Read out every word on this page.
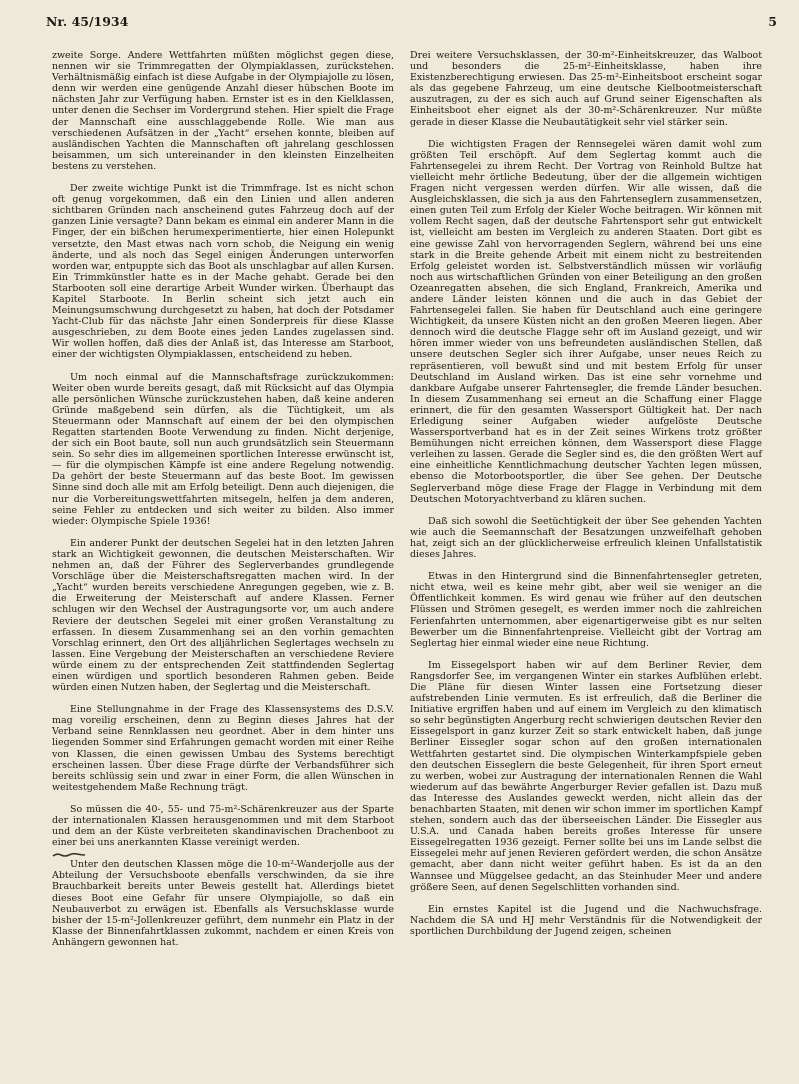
Nr. 45/1934	5

zweite Sorge. Andere Wettfahrten müßten möglichst gegen diese, nennen wir sie Trimmregatten der Olympiaklassen, zurückstehen. Verhältnismäßig einfach ist diese Aufgabe in der Olympiajolle zu lösen, denn wir werden eine genügende Anzahl dieser hübschen Boote im nächsten Jahr zur Verfügung haben. Ernster ist es in den Kielklassen, unter denen die Sechser im Vordergrund stehen. Hier spielt die Frage der Mannschaft eine ausschlaggebende Rolle. Wie man aus verschiedenen Aufsätzen in der „Yacht“ ersehen konnte, bleiben auf ausländischen Yachten die Mannschaften oft jahrelang geschlossen beisammen, um sich untereinander in den kleinsten Einzelheiten bestens zu verstehen.

Der zweite wichtige Punkt ist die Trimmfrage. Ist es nicht schon oft genug vorgekommen, daß ein den Linien und allen anderen sichtbaren Gründen nach anscheinend gutes Fahrzeug doch auf der ganzen Linie versagte? Dann bekam es einmal ein anderer Mann in die Finger, der ein bißchen herumexperimentierte, hier einen Holepunkt versetzte, den Mast etwas nach vorn schob, die Neigung ein wenig änderte, und als noch das Segel einigen Änderungen unterworfen worden war, entpuppte sich das Boot als unschlagbar auf allen Kursen. Ein Trimmkünstler hatte es in der Mache gehabt. Gerade bei den Starbooten soll eine derartige Arbeit Wunder wirken. Überhaupt das Kapitel Starboote. In Berlin scheint sich jetzt auch ein Meinungsumschwung durchgesetzt zu haben, hat doch der Potsdamer Yacht-Club für das nächste Jahr einen Sonderpreis für diese Klasse ausgeschrieben, zu dem Boote eines jeden Landes zugelassen sind. Wir wollen hoffen, daß dies der Anlaß ist, das Interesse am Starboot, einer der wichtigsten Olympiaklassen, entscheidend zu heben.

Um noch einmal auf die Mannschaftsfrage zurückzukommen: Weiter oben wurde bereits gesagt, daß mit Rücksicht auf das Olympia alle persönlichen Wünsche zurückzustehen haben, daß keine anderen Gründe maßgebend sein dürfen, als die Tüchtigkeit, um als Steuermann oder Mannschaft auf einem der bei den olympischen Regatten startenden Boote Verwendung zu finden. Nicht derjenige, der sich ein Boot baute, soll nun auch grundsätzlich sein Steuermann sein. So sehr dies im allgemeinen sportlichen Interesse erwünscht ist, — für die olympischen Kämpfe ist eine andere Regelung notwendig. Da gehört der beste Steuermann auf das beste Boot. Im gewissen Sinne sind doch alle mit am Erfolg beteiligt. Denn auch diejenigen, die nur die Vorbereitungswettfahrten mitsegeln, helfen ja dem anderen, seine Fehler zu entdecken und sich weiter zu bilden. Also immer wieder: Olympische Spiele 1936!

Ein anderer Punkt der deutschen Segelei hat in den letzten Jahren stark an Wichtigkeit gewonnen, die deutschen Meisterschaften. Wir nehmen an, daß der Führer des Seglerverbandes grundlegende Vorschläge über die Meisterschaftsregatten machen wird. In der „Yacht“ wurden bereits verschiedene Anregungen gegeben, wie z. B. die Erweiterung der Meisterschaft auf andere Klassen. Ferner schlugen wir den Wechsel der Austragungsorte vor, um auch andere Reviere der deutschen Segelei mit einer großen Veranstaltung zu erfassen. In diesem Zusammenhang sei an den vorhin gemachten Vorschlag erinnert, den Ort des alljährlichen Seglertages wechseln zu lassen. Eine Vergebung der Meisterschaften an verschiedene Reviere würde einem zu der entsprechenden Zeit stattfindenden Seglertag einen würdigen und sportlich besonderen Rahmen geben. Beide würden einen Nutzen haben, der Seglertag und die Meisterschaft.

Eine Stellungnahme in der Frage des Klassensystems des D.S.V. mag voreilig erscheinen, denn zu Beginn dieses Jahres hat der Verband seine Rennklassen neu geordnet. Aber in dem hinter uns liegenden Sommer sind Erfahrungen gemacht worden mit einer Reihe von Klassen, die einen gewissen Umbau des Systems berechtigt erscheinen lassen. Über diese Frage dürfte der Verbandsführer sich bereits schlüssig sein und zwar in einer Form, die allen Wünschen in weitestgehendem Maße Rechnung trägt.

So müssen die 40-, 55- und 75-m²-Schärenkreuzer aus der Sparte der internationalen Klassen herausgenommen und mit dem Starboot und dem an der Küste verbreiteten skandinavischen Drachenboot zu einer bei uns anerkannten Klasse vereinigt werden.

Unter den deutschen Klassen möge die 10-m²-Wanderjolle aus der Abteilung der Versuchsboote ebenfalls verschwinden, da sie ihre Brauchbarkeit bereits unter Beweis gestellt hat. Allerdings bietet dieses Boot eine Gefahr für unsere Olympiajolle, so daß ein Neubauverbot zu erwägen ist. Ebenfalls als Versuchsklasse wurde bisher der 15-m²-Jollenkreuzer geführt, dem nunmehr ein Platz in der Klasse der Binnenfahrtklassen zukommt, nachdem er einen Kreis von Anhängern gewonnen hat.

Drei weitere Versuchsklassen, der 30-m²-Einheitskreuzer, das Walboot und besonders die 25-m²-Einheitsklasse, haben ihre Existenzberechtigung erwiesen. Das 25-m²-Einheitsboot erscheint sogar als das gegebene Fahrzeug, um eine deutsche Kielbootmeisterschaft auszutragen, zu der es sich auch auf Grund seiner Eigenschaften als Einheitsboot eher eignet als der 30-m²-Schärenkreuzer. Nur müßte gerade in dieser Klasse die Neubautätigkeit sehr viel stärker sein.

Die wichtigsten Fragen der Rennsegelei wären damit wohl zum größten Teil erschöpft. Auf dem Seglertag kommt auch die Fahrtensegelei zu ihrem Recht. Der Vortrag von Reinhold Bultze hat vielleicht mehr örtliche Bedeutung, über der die allgemein wichtigen Fragen nicht vergessen werden dürfen. Wir alle wissen, daß die Ausgleichsklassen, die sich ja aus den Fahrtenseglern zusammensetzen, einen guten Teil zum Erfolg der Kieler Woche beitragen. Wir können mit vollem Recht sagen, daß der deutsche Fahrtensport sehr gut entwickelt ist, vielleicht am besten im Vergleich zu anderen Staaten. Dort gibt es eine gewisse Zahl von hervorragenden Seglern, während bei uns eine stark in die Breite gehende Arbeit mit einem nicht zu bestreitenden Erfolg geleistet worden ist. Selbstverständlich müssen wir vorläufig noch aus wirtschaftlichen Gründen von einer Beteiligung an den großen Ozeanregatten absehen, die sich England, Frankreich, Amerika und andere Länder leisten können und die auch in das Gebiet der Fahrtensegelei fallen. Sie haben für Deutschland auch eine geringere Wichtigkeit, da unsere Küsten nicht an den großen Meeren liegen. Aber dennoch wird die deutsche Flagge sehr oft im Ausland gezeigt, und wir hören immer wieder von uns befreundeten ausländischen Stellen, daß unsere deutschen Segler sich ihrer Aufgabe, unser neues Reich zu repräsentieren, voll bewußt sind und mit bestem Erfolg für unser Deutschland im Ausland wirken. Das ist eine sehr vornehme und dankbare Aufgabe unserer Fahrtensegler, die fremde Länder besuchen. In diesem Zusammenhang sei erneut an die Schaffung einer Flagge erinnert, die für den gesamten Wassersport Gültigkeit hat. Der nach Erledigung seiner Aufgaben wieder aufgelöste Deutsche Wassersportverband hat es in der Zeit seines Wirkens trotz größter Bemühungen nicht erreichen können, dem Wassersport diese Flagge verleihen zu lassen. Gerade die Segler sind es, die den größten Wert auf eine einheitliche Kenntlichmachung deutscher Yachten legen müssen, ebenso die Motorbootsportler, die über See gehen. Der Deutsche Seglerverband möge diese Frage der Flagge in Verbindung mit dem Deutschen Motoryachtverband zu klären suchen.

Daß sich sowohl die Seetüchtigkeit der über See gehenden Yachten wie auch die Seemannschaft der Besatzungen unzweifelhaft gehoben hat, zeigt sich an der glücklicherweise erfreulich kleinen Unfallstatistik dieses Jahres.

Etwas in den Hintergrund sind die Binnenfahrtensegler getreten, nicht etwa, weil es keine mehr gibt, aber weil sie weniger an die Öffentlichkeit kommen. Es wird genau wie früher auf den deutschen Flüssen und Strömen gesegelt, es werden immer noch die zahlreichen Ferienfahrten unternommen, aber eigenartigerweise gibt es nur selten Bewerber um die Binnenfahrtenpreise. Vielleicht gibt der Vortrag am Seglertag hier einmal wieder eine neue Richtung.

Im Eissegelsport haben wir auf dem Berliner Revier, dem Rangsdorfer See, im vergangenen Winter ein starkes Aufblühen erlebt. Die Pläne für diesen Winter lassen eine Fortsetzung dieser aufstrebenden Linie vermuten. Es ist erfreulich, daß die Berliner die Initiative ergriffen haben und auf einem im Vergleich zu den klimatisch so sehr begünstigten Angerburg recht schwierigen deutschen Revier den Eissegelsport in ganz kurzer Zeit so stark entwickelt haben, daß junge Berliner Eissegler sogar schon auf den großen internationalen Wettfahrten gestartet sind. Die olympischen Winterkampfspiele geben den deutschen Eisseglern die beste Gelegenheit, für ihren Sport erneut zu werben, wobei zur Austragung der internationalen Rennen die Wahl wiederum auf das bewährte Angerburger Revier gefallen ist. Dazu muß das Interesse des Auslandes geweckt werden, nicht allein das der benachbarten Staaten, mit denen wir schon immer im sportlichen Kampf stehen, sondern auch das der überseeischen Länder. Die Eissegler aus U.S.A. und Canada haben bereits großes Interesse für unsere Eissegelregatten 1936 gezeigt. Ferner sollte bei uns im Lande selbst die Eissegelei mehr auf jenen Revieren gefördert werden, die schon Ansätze gemacht, aber dann nicht weiter geführt haben. Es ist da an den Wannsee und Müggelsee gedacht, an das Steinhuder Meer und andere größere Seen, auf denen Segelschlitten vorhanden sind.

Ein ernstes Kapitel ist die Jugend und die Nachwuchsfrage. Nachdem die SA und HJ mehr Verständnis für die Notwendigkeit der sportlichen Durchbildung der Jugend zeigen, scheinen
